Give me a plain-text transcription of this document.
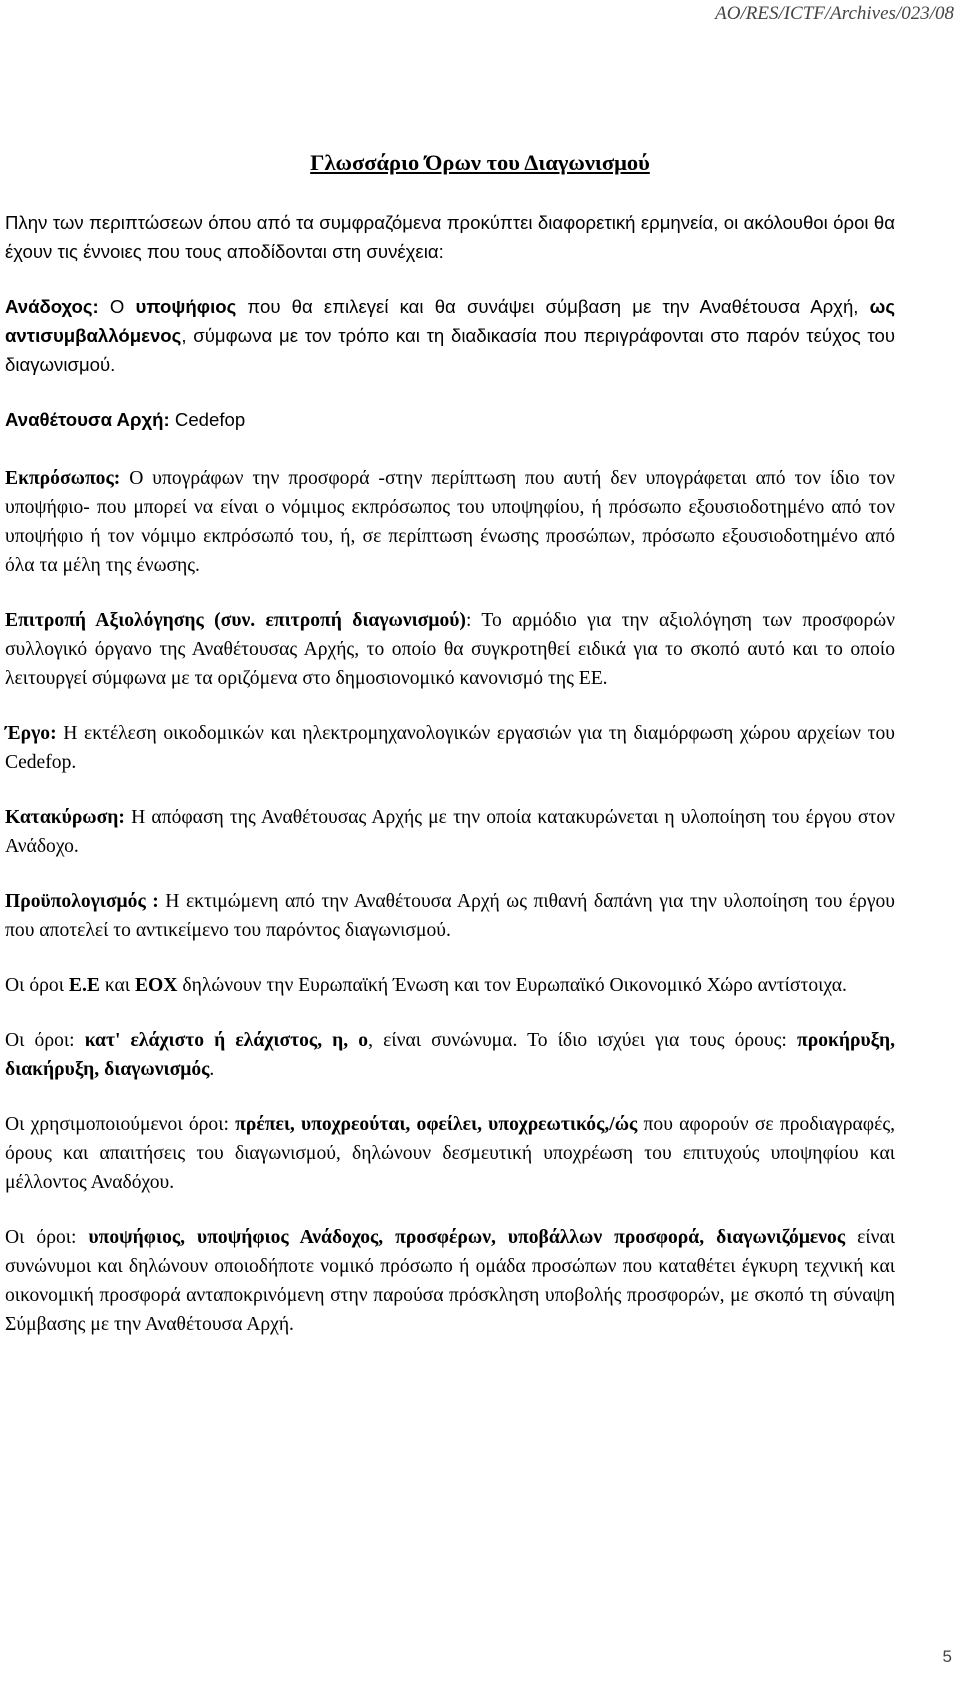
AO/RES/ICTF/Archives/023/08
Γλωσσάριο Όρων του Διαγωνισμού

Πλην των περιπτώσεων όπου από τα συμφραζόμενα προκύπτει διαφορετική ερμηνεία, οι ακόλουθοι όροι θα έχουν τις έννοιες που τους αποδίδονται στη συνέχεια:

Ανάδοχος: Ο υποψήφιος που θα επιλεγεί και θα συνάψει σύμβαση με την Αναθέτουσα Αρχή, ως αντισυμβαλλόμενος, σύμφωνα με τον τρόπο και τη διαδικασία που περιγράφονται στο παρόν τεύχος του διαγωνισμού.

Αναθέτουσα Αρχή: Cedefop

Εκπρόσωπος: Ο υπογράφων την προσφορά -στην περίπτωση που αυτή δεν υπογράφεται από τον ίδιο τον υποψήφιο- που μπορεί να είναι ο νόμιμος εκπρόσωπος του υποψηφίου, ή πρόσωπο εξουσιοδοτημένο από τον υποψήφιο ή τον νόμιμο εκπρόσωπό του, ή, σε περίπτωση ένωσης προσώπων, πρόσωπο εξουσιοδοτημένο από όλα τα μέλη της ένωσης.

Επιτροπή Αξιολόγησης (συν. επιτροπή διαγωνισμού): Το αρμόδιο για την αξιολόγηση των προσφορών συλλογικό όργανο της Αναθέτουσας Αρχής, το οποίο θα συγκροτηθεί ειδικά για το σκοπό αυτό και το οποίο λειτουργεί σύμφωνα με τα οριζόμενα στο δημοσιονομικό κανονισμό της ΕΕ.

Έργο: Η εκτέλεση οικοδομικών και ηλεκτρομηχανολογικών εργασιών για τη διαμόρφωση χώρου αρχείων του Cedefop.

Κατακύρωση: Η απόφαση της Αναθέτουσας Αρχής με την οποία κατακυρώνεται η υλοποίηση του έργου στον Ανάδοχο.

Προϋπολογισμός : Η εκτιμώμενη από την Αναθέτουσα Αρχή ως πιθανή δαπάνη για την υλοποίηση του έργου που αποτελεί το αντικείμενο του παρόντος διαγωνισμού.

Οι όροι Ε.Ε και ΕΟΧ δηλώνουν την Ευρωπαϊκή Ένωση και τον Ευρωπαϊκό Οικονομικό Χώρο αντίστοιχα.

Οι όροι: κατ' ελάχιστο ή ελάχιστος, η, ο, είναι συνώνυμα. Το ίδιο ισχύει για τους όρους: προκήρυξη, διακήρυξη, διαγωνισμός.

Οι χρησιμοποιούμενοι όροι: πρέπει, υποχρεούται, οφείλει, υποχρεωτικός,/ώς που αφορούν σε προδιαγραφές, όρους και απαιτήσεις του διαγωνισμού, δηλώνουν δεσμευτική υποχρέωση του επιτυχούς υποψηφίου και μέλλοντος Αναδόχου.

Οι όροι: υποψήφιος, υποψήφιος Ανάδοχος, προσφέρων, υποβάλλων προσφορά, διαγωνιζόμενος είναι συνώνυμοι και δηλώνουν οποιοδήποτε νομικό πρόσωπο ή ομάδα προσώπων που καταθέτει έγκυρη τεχνική και οικονομική προσφορά ανταποκρινόμενη στην παρούσα πρόσκληση υποβολής προσφορών, με σκοπό τη σύναψη Σύμβασης με την Αναθέτουσα Αρχή.

5
